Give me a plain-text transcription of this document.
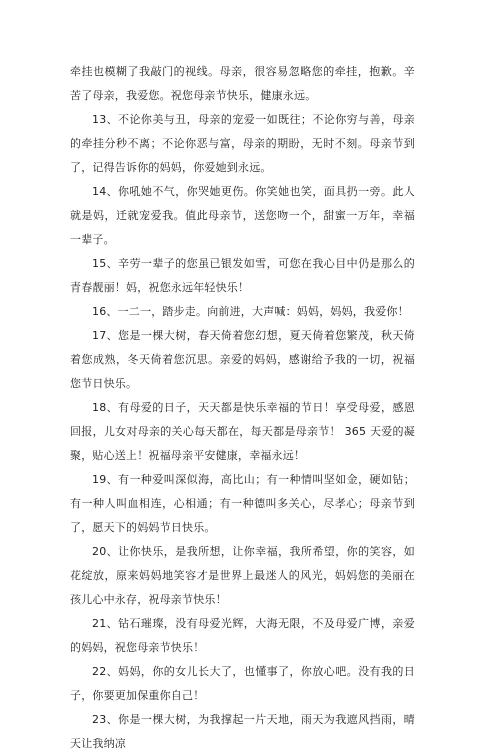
牵挂也模糊了我敲门的视线。母亲，很容易忽略您的牵挂，抱歉。辛苦了母亲，我爱您。祝您母亲节快乐，健康永远。

13、不论你美与丑，母亲的宠爱一如既往；不论你穷与善，母亲的牵挂分秒不离；不论你恶与富，母亲的期盼，无时不刻。母亲节到了，记得告诉你的妈妈，你爱她到永远。

14、你吼她不气，你哭她更伤。你笑她也笑，面具扔一旁。此人就是妈，迁就宠爱我。值此母亲节，送您吻一个，甜蜜一万年，幸福一辈子。

15、辛劳一辈子的您虽已银发如雪，可您在我心目中仍是那么的青春靓丽！妈，祝您永远年轻快乐！

16、一二一，踏步走。向前进，大声喊：妈妈，妈妈，我爱你！

17、您是一棵大树，春天倚着您幻想，夏天倚着您繁茂，秋天倚着您成熟，冬天倚着您沉思。亲爱的妈妈，感谢给予我的一切，祝福您节日快乐。

18、有母爱的日子，天天都是快乐幸福的节日！享受母爱，感恩回报，儿女对母亲的关心每天都在，每天都是母亲节！ 365 天爱的凝聚，贴心送上！祝福母亲平安健康，幸福永远！

19、有一种爱叫深似海，高比山；有一种情叫坚如金，硬如钻；有一种人叫血相连，心相通；有一种德叫多关心，尽孝心；母亲节到了，愿天下的妈妈节日快乐。

20、让你快乐，是我所想，让你幸福，我所希望，你的笑容，如花绽放，原来妈妈地笑容才是世界上最迷人的风光，妈妈您的美丽在孩儿心中永存，祝母亲节快乐！

21、钻石璀璨，没有母爱光辉，大海无限，不及母爱广博，亲爱的妈妈，祝您母亲节快乐！

22、妈妈，你的女儿长大了，也懂事了，你放心吧。没有我的日子，你要更加保重你自己！

23、你是一棵大树，为我撑起一片天地，雨天为我遮风挡雨，晴天让我纳凉
